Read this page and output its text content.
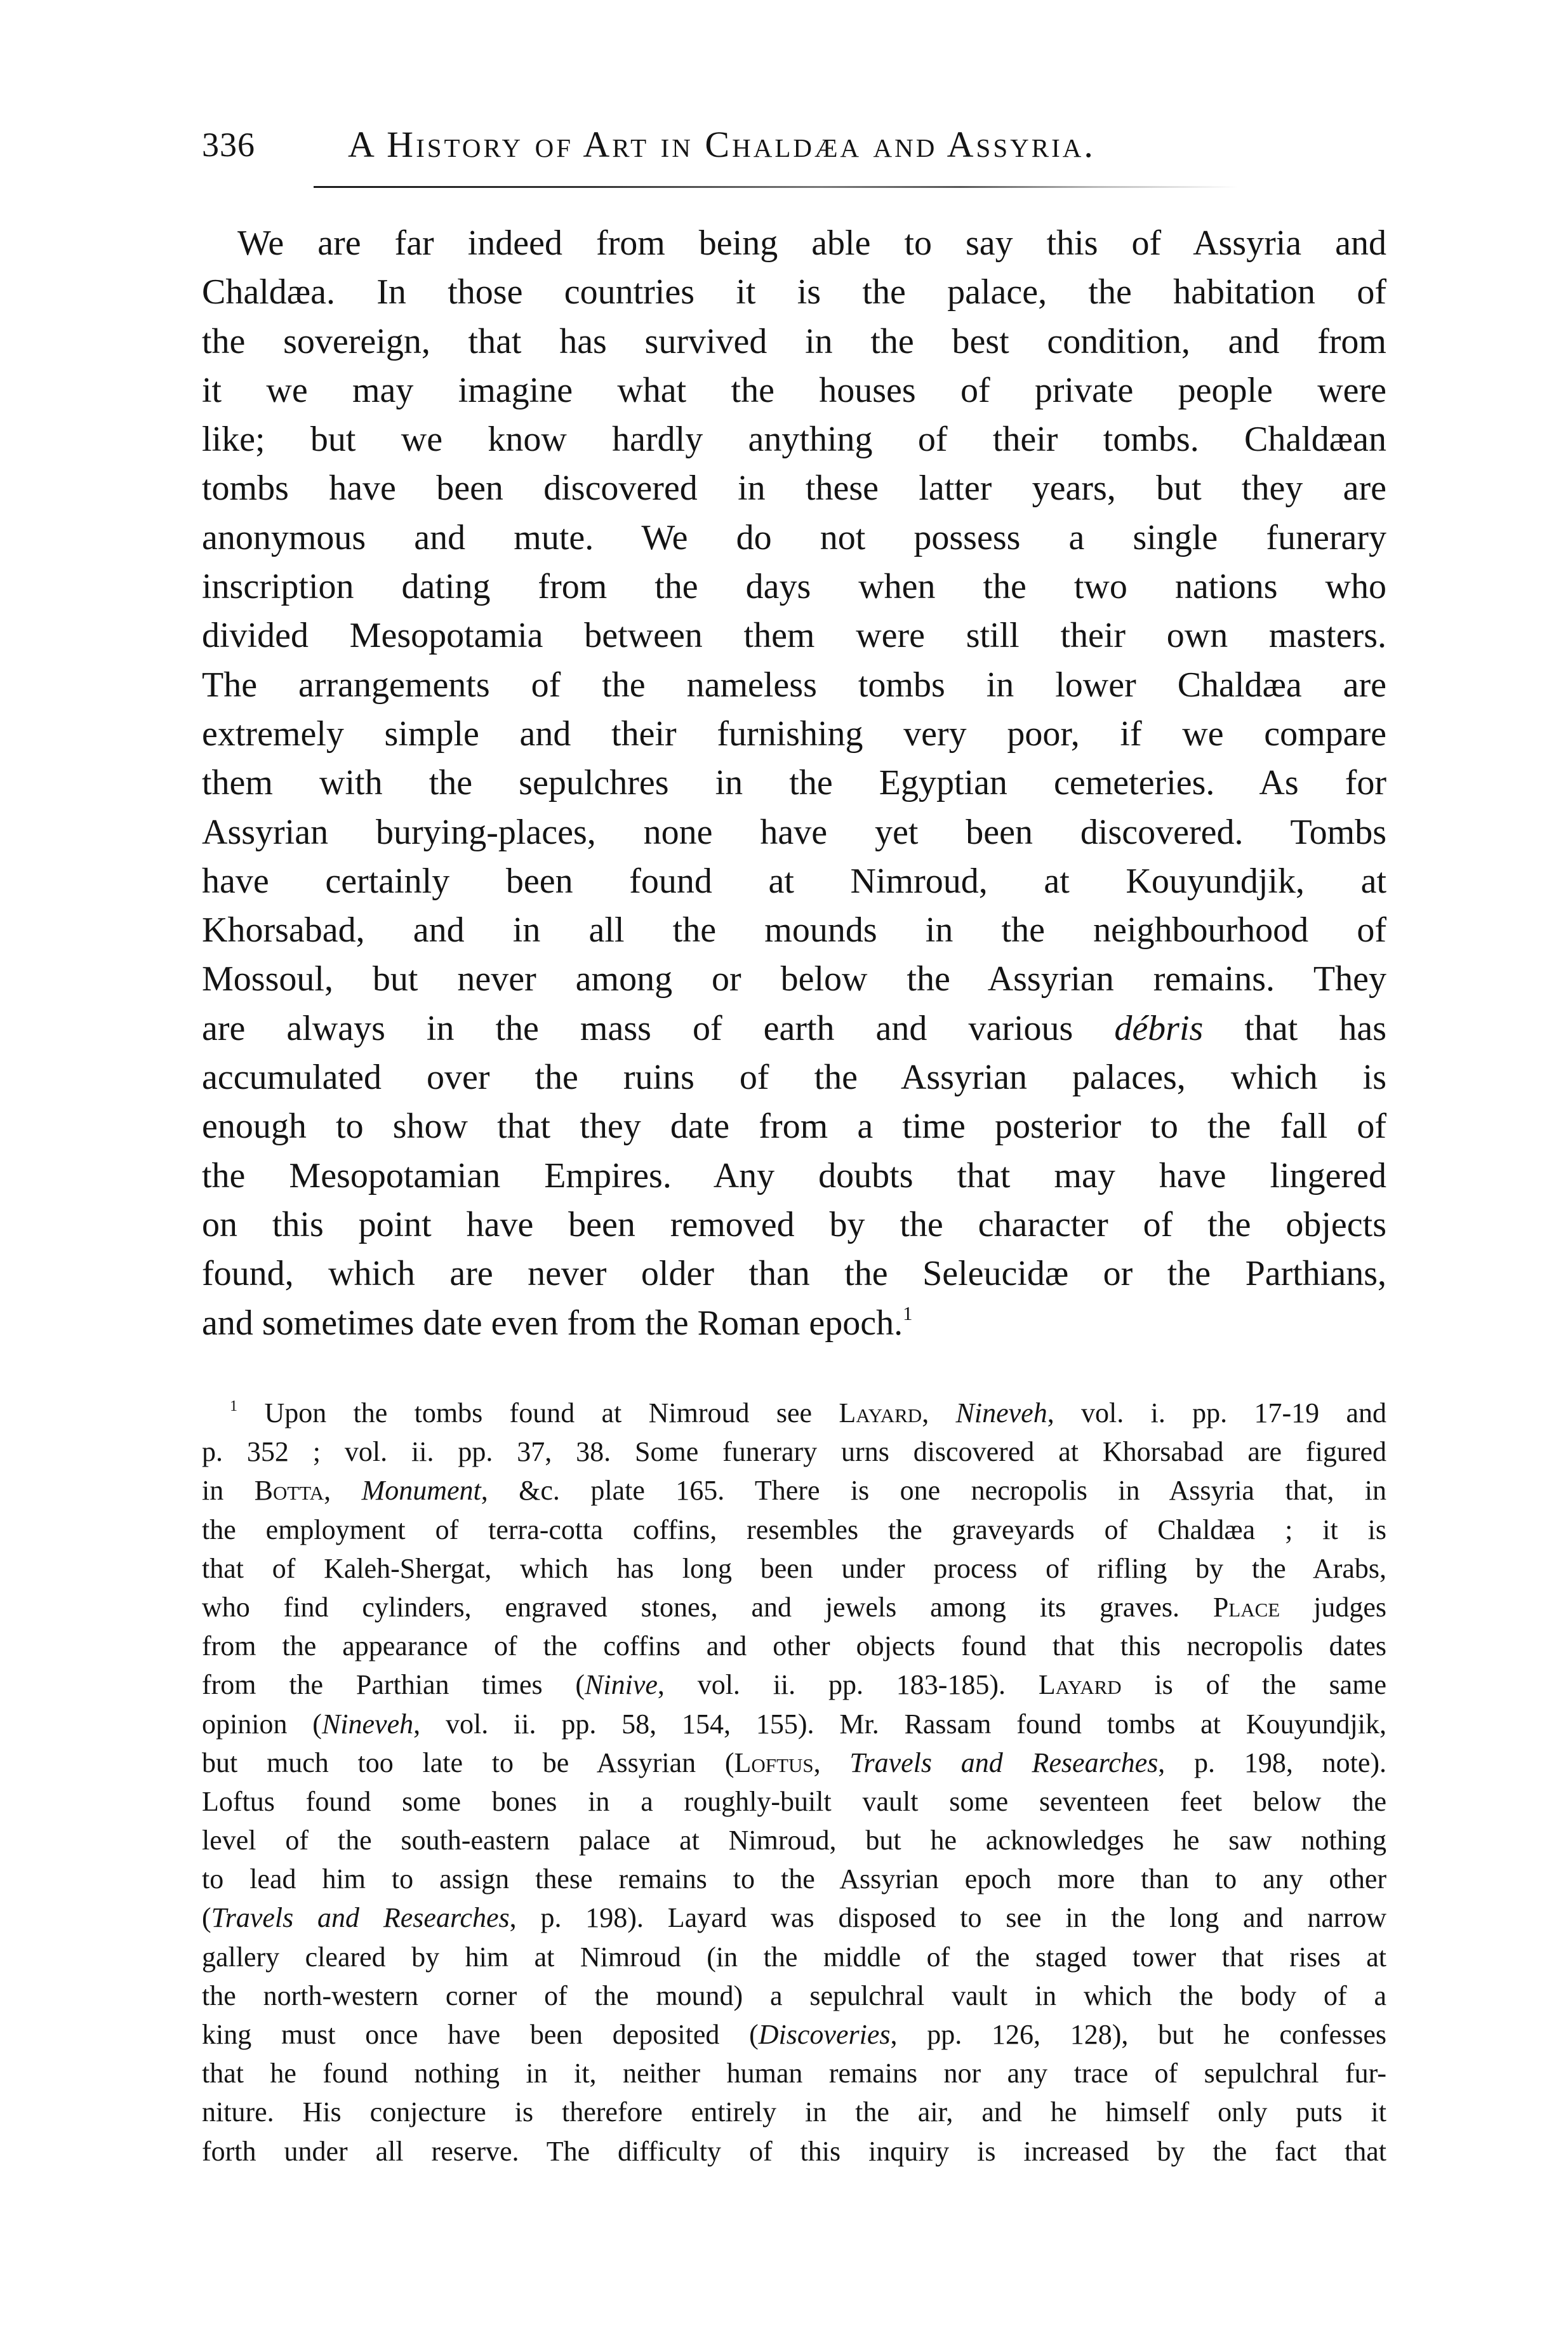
336	A History of Art in Chaldæa and Assyria.
We are far indeed from being able to say this of Assyria and
Chaldæa. In those countries it is the palace, the habitation of
the sovereign, that has survived in the best condition, and from
it we may imagine what the houses of private people were
like; but we know hardly anything of their tombs. Chaldæan
tombs have been discovered in these latter years, but they are
anonymous and mute. We do not possess a single funerary
inscription dating from the days when the two nations who
divided Mesopotamia between them were still their own masters.
The arrangements of the nameless tombs in lower Chaldæa are
extremely simple and their furnishing very poor, if we compare
them with the sepulchres in the Egyptian cemeteries. As for
Assyrian burying-places, none have yet been discovered. Tombs
have certainly been found at Nimroud, at Kouyundjik, at
Khorsabad, and in all the mounds in the neighbourhood of
Mossoul, but never among or below the Assyrian remains. They
are always in the mass of earth and various débris that has
accumulated over the ruins of the Assyrian palaces, which is
enough to show that they date from a time posterior to the fall of
the Mesopotamian Empires. Any doubts that may have lingered
on this point have been removed by the character of the objects
found, which are never older than the Seleucidæ or the Parthians,
and sometimes date even from the Roman epoch.$^1$
$^1$ Upon the tombs found at Nimroud see Layard, Nineveh, vol. i. pp. 17-19 and
p. 352 ; vol. ii. pp. 37, 38. Some funerary urns discovered at Khorsabad are figured
in Botta, Monument, &c. plate 165. There is one necropolis in Assyria that, in
the employment of terra-cotta coffins, resembles the graveyards of Chaldæa ; it is
that of Kaleh-Shergat, which has long been under process of rifling by the Arabs,
who find cylinders, engraved stones, and jewels among its graves. Place judges
from the appearance of the coffins and other objects found that this necropolis dates
from the Parthian times (Ninive, vol. ii. pp. 183-185). Layard is of the same
opinion (Nineveh, vol. ii. pp. 58, 154, 155). Mr. Rassam found tombs at Kouyundjik,
but much too late to be Assyrian (Loftus, Travels and Researches, p. 198, note).
Loftus found some bones in a roughly-built vault some seventeen feet below the
level of the south-eastern palace at Nimroud, but he acknowledges he saw nothing
to lead him to assign these remains to the Assyrian epoch more than to any other
(Travels and Researches, p. 198). Layard was disposed to see in the long and narrow
gallery cleared by him at Nimroud (in the middle of the staged tower that rises at
the north-western corner of the mound) a sepulchral vault in which the body of a
king must once have been deposited (Discoveries, pp. 126, 128), but he confesses
that he found nothing in it, neither human remains nor any trace of sepulchral fur-
niture. His conjecture is therefore entirely in the air, and he himself only puts it
forth under all reserve. The difficulty of this inquiry is increased by the fact that
